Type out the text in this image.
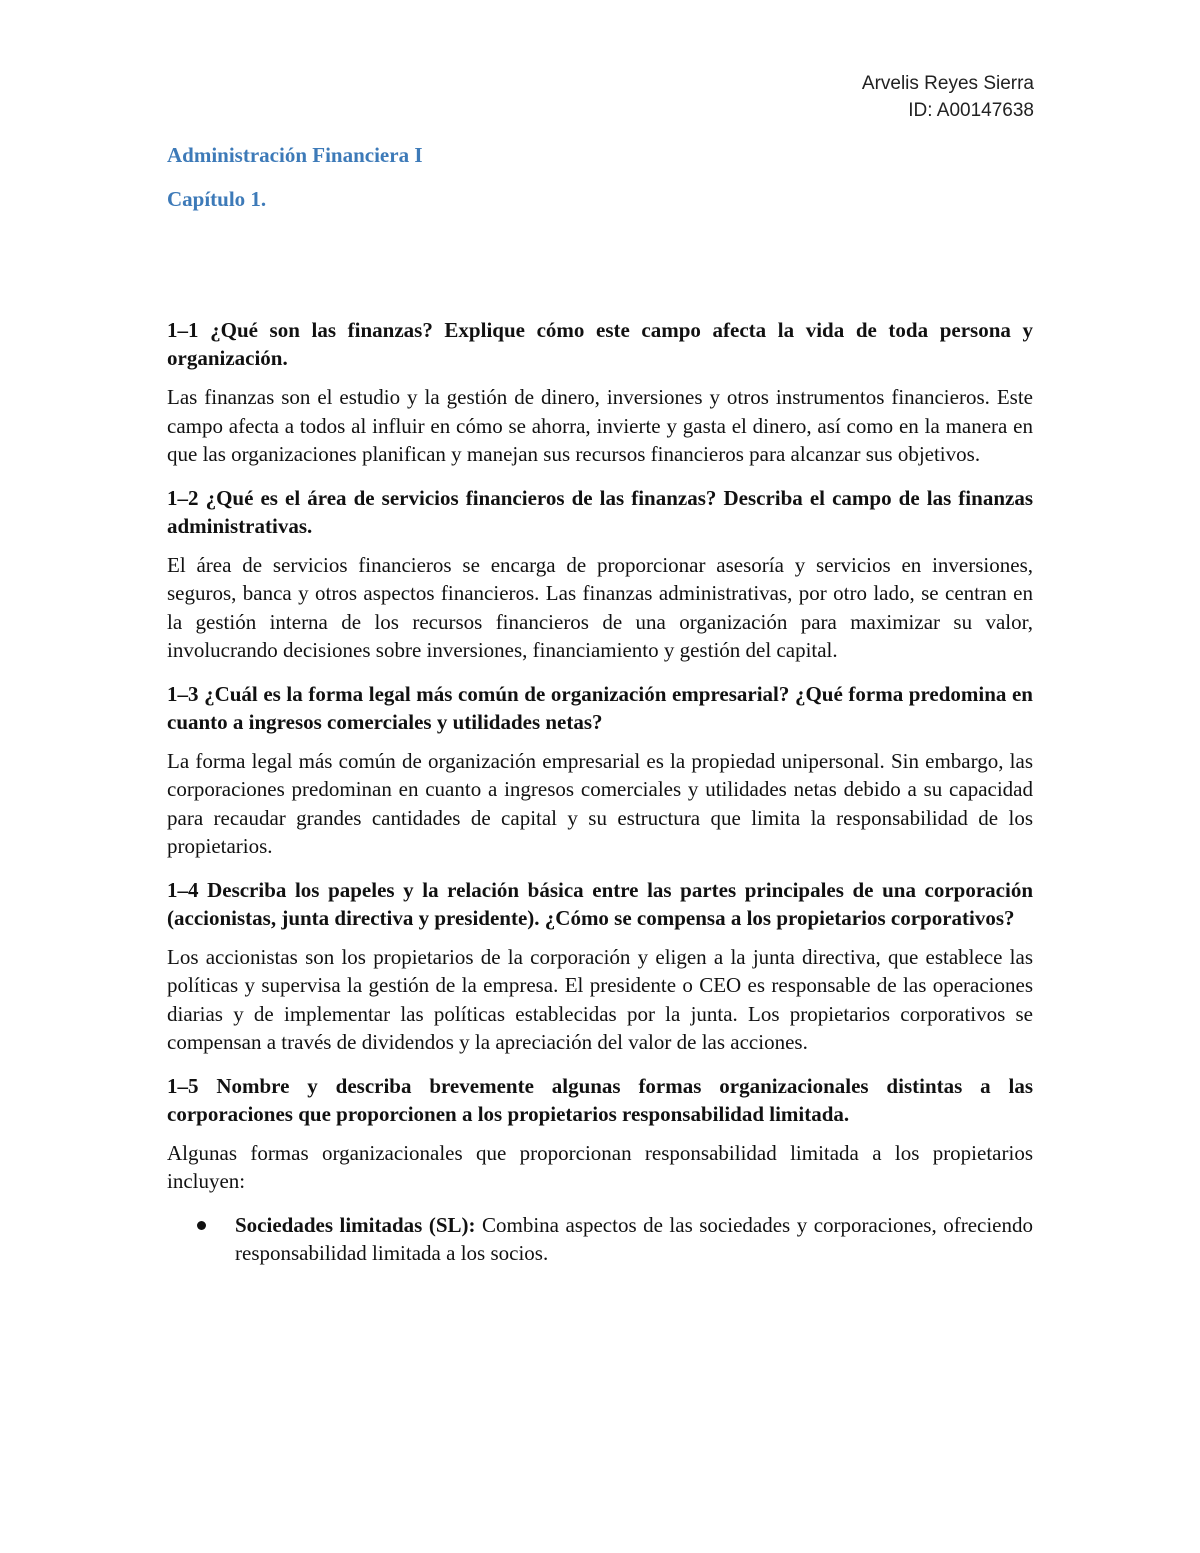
Arvelis Reyes Sierra
ID: A00147638
Administración Financiera I
Capítulo 1.

1–1 ¿Qué son las finanzas? Explique cómo este campo afecta la vida de toda persona y organización.

Las finanzas son el estudio y la gestión de dinero, inversiones y otros instrumentos financieros. Este campo afecta a todos al influir en cómo se ahorra, invierte y gasta el dinero, así como en la manera en que las organizaciones planifican y manejan sus recursos financieros para alcanzar sus objetivos.

1–2 ¿Qué es el área de servicios financieros de las finanzas? Describa el campo de las finanzas administrativas.

El área de servicios financieros se encarga de proporcionar asesoría y servicios en inversiones, seguros, banca y otros aspectos financieros. Las finanzas administrativas, por otro lado, se centran en la gestión interna de los recursos financieros de una organización para maximizar su valor, involucrando decisiones sobre inversiones, financiamiento y gestión del capital.

1–3 ¿Cuál es la forma legal más común de organización empresarial? ¿Qué forma predomina en cuanto a ingresos comerciales y utilidades netas?

La forma legal más común de organización empresarial es la propiedad unipersonal. Sin embargo, las corporaciones predominan en cuanto a ingresos comerciales y utilidades netas debido a su capacidad para recaudar grandes cantidades de capital y su estructura que limita la responsabilidad de los propietarios.

1–4 Describa los papeles y la relación básica entre las partes principales de una corporación (accionistas, junta directiva y presidente). ¿Cómo se compensa a los propietarios corporativos?

Los accionistas son los propietarios de la corporación y eligen a la junta directiva, que establece las políticas y supervisa la gestión de la empresa. El presidente o CEO es responsable de las operaciones diarias y de implementar las políticas establecidas por la junta. Los propietarios corporativos se compensan a través de dividendos y la apreciación del valor de las acciones.

1–5 Nombre y describa brevemente algunas formas organizacionales distintas a las corporaciones que proporcionen a los propietarios responsabilidad limitada.

Algunas formas organizacionales que proporcionan responsabilidad limitada a los propietarios incluyen:

Sociedades limitadas (SL): Combina aspectos de las sociedades y corporaciones, ofreciendo responsabilidad limitada a los socios.
